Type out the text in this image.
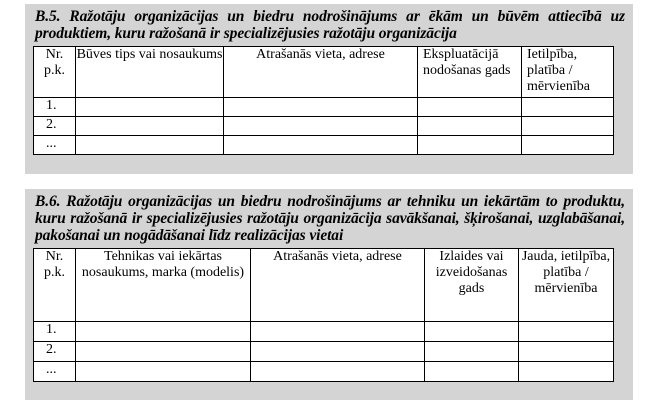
B.5. Ražotāju organizācijas un biedru nodrošinājums ar ēkām un būvēm attiecībā uz produktiem, kuru ražošanā ir specializējusies ražotāju organizācija
Nr. p.k.	Būves tips vai nosaukums	Atrašanās vieta, adrese	Ekspluatācijā nodošanas gads	Ietilpība, platība / mērvienība
1.				
2.				
...				
B.6. Ražotāju organizācijas un biedru nodrošinājums ar tehniku un iekārtām to produktu, kuru ražošanā ir specializējusies ražotāju organizācija savākšanai, šķirošanai, uzglabāšanai, pakošanai un nogādāšanai līdz realizācijas vietai
Nr. p.k.	Tehnikas vai iekārtas nosaukums, marka (modelis)	Atrašanās vieta, adrese	Izlaides vai izveidošanas gads	Jauda, ietilpība, platība / mērvienība
1.				
2.				
...				
